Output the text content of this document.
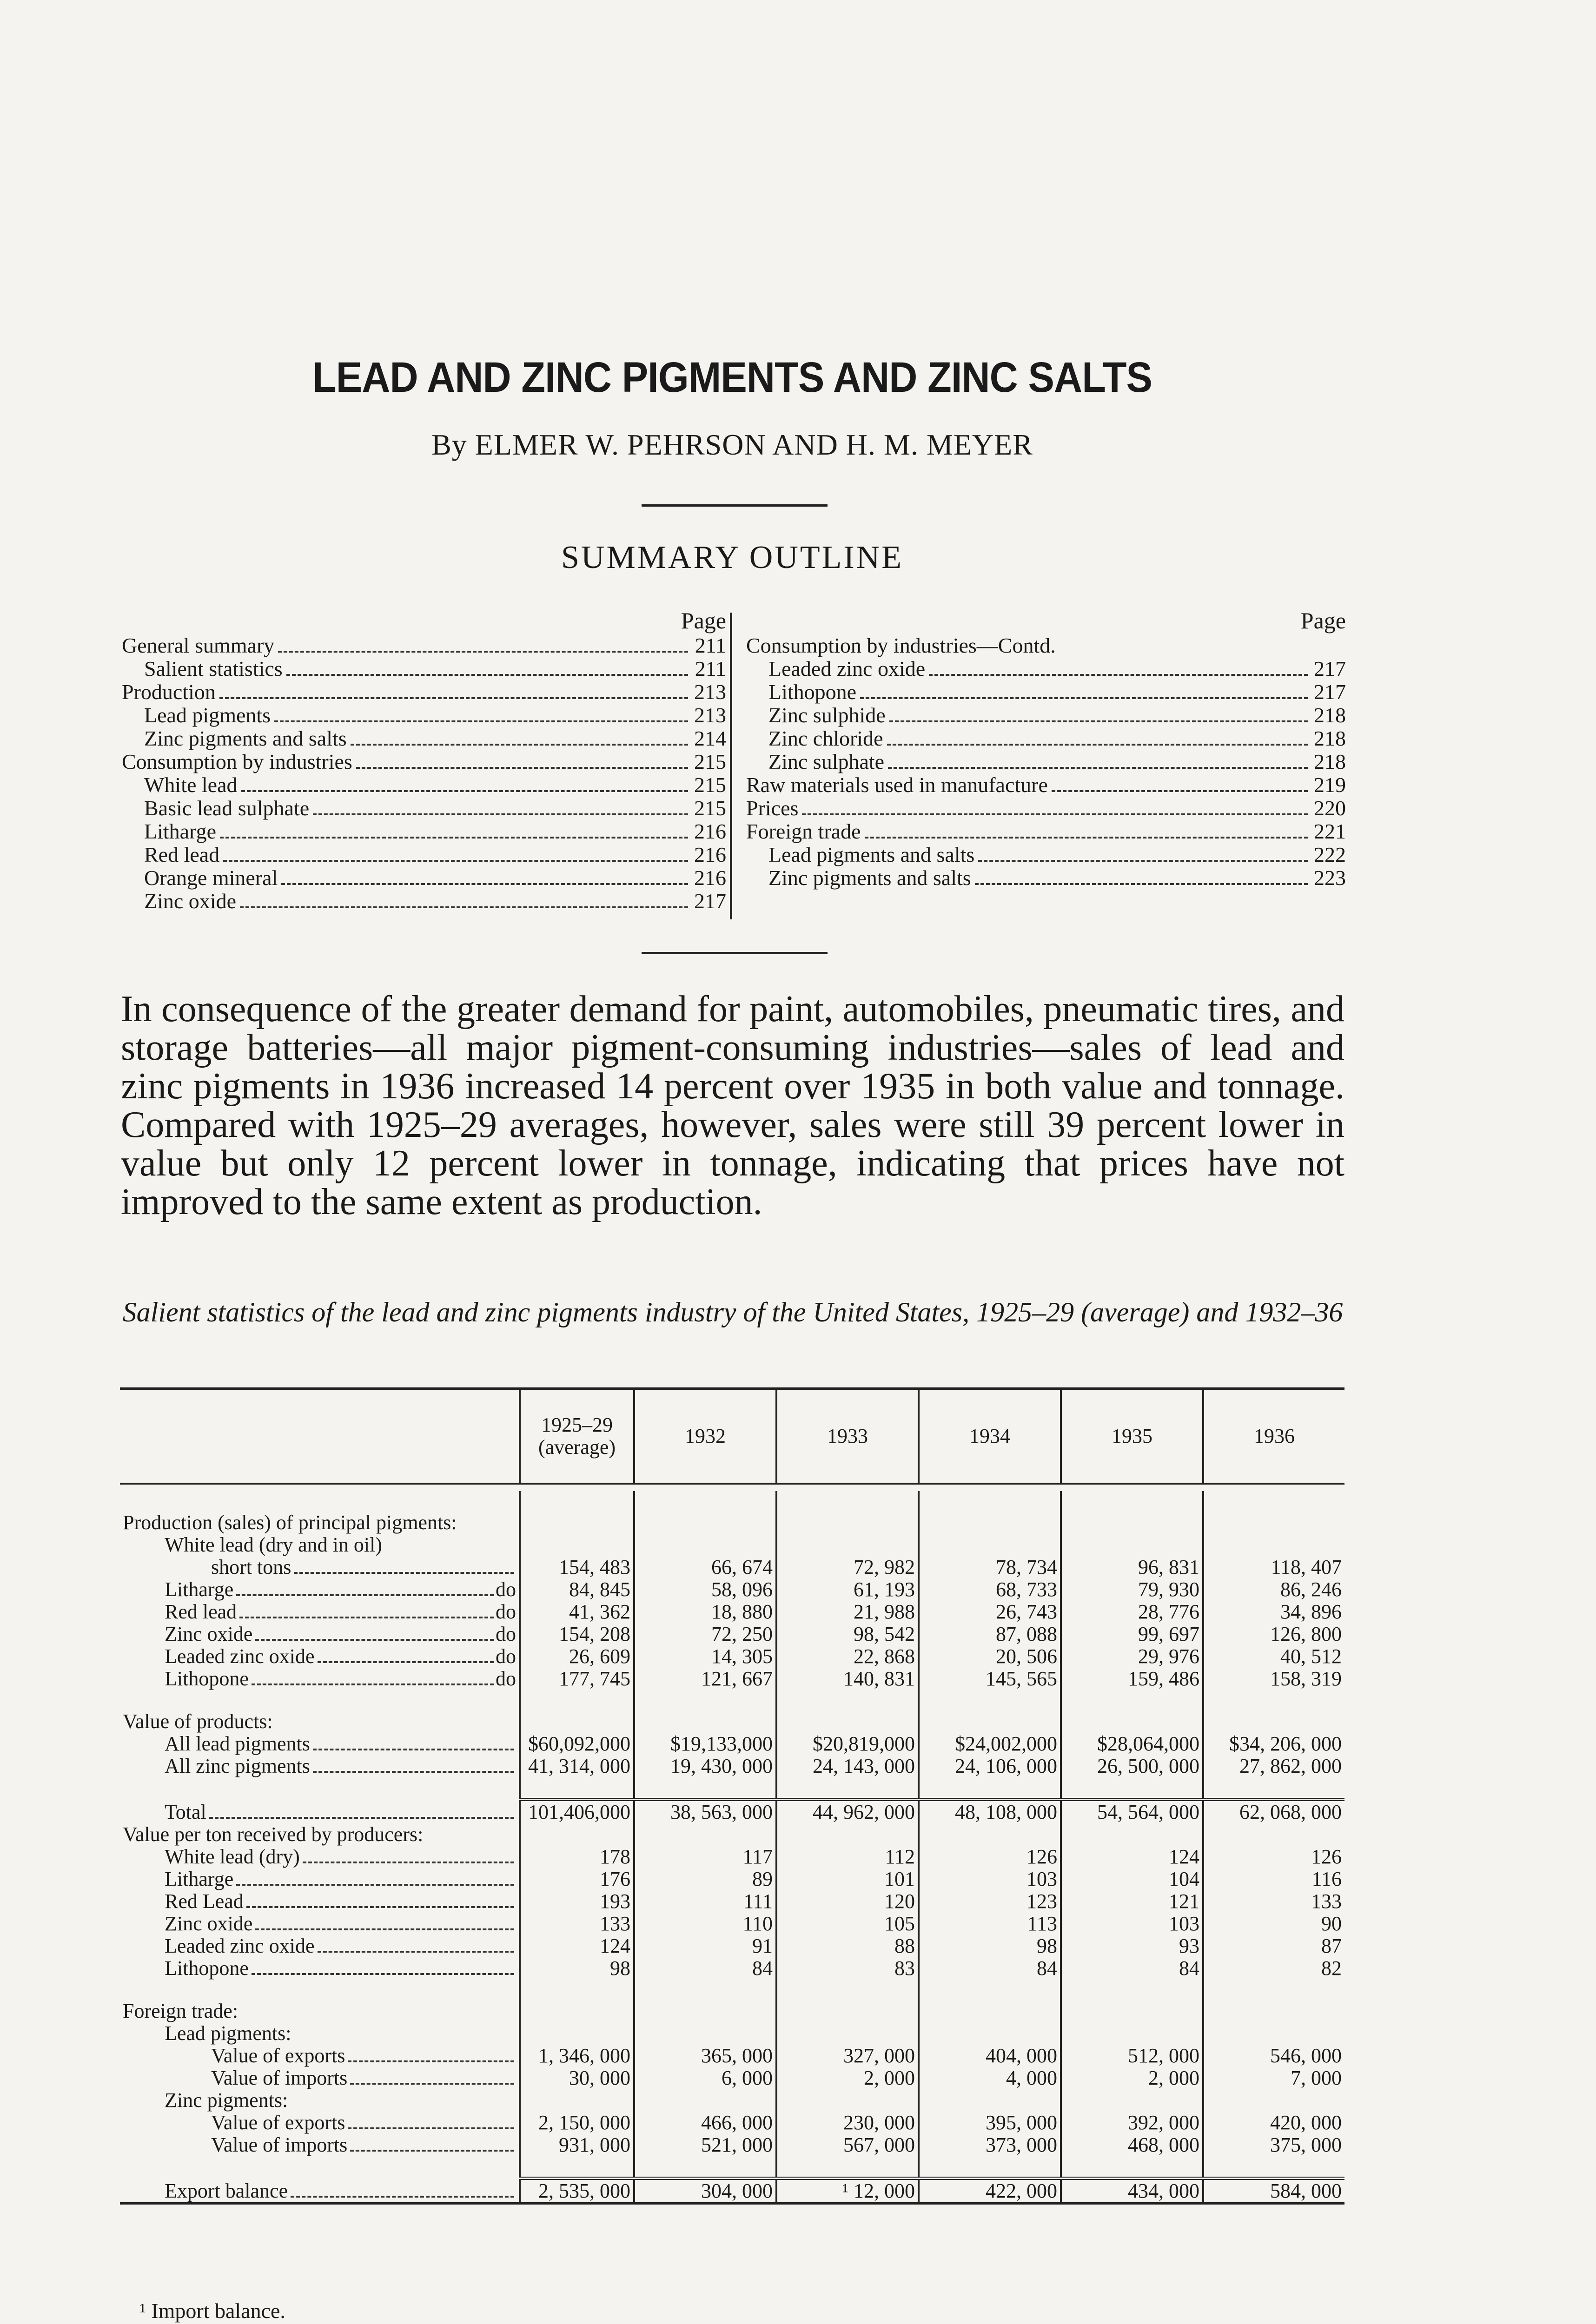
LEAD AND ZINC PIGMENTS AND ZINC SALTS
By ELMER W. PEHRSON AND H. M. MEYER
SUMMARY OUTLINE
Page
General summary	211
Salient statistics	211
Production	213
Lead pigments	213
Zinc pigments and salts	214
Consumption by industries	215
White lead	215
Basic lead sulphate	215
Litharge	216
Red lead	216
Orange mineral	216
Zinc oxide	217
Page
Consumption by industries—Contd.
Leaded zinc oxide	217
Lithopone	217
Zinc sulphide	218
Zinc chloride	218
Zinc sulphate	218
Raw materials used in manufacture	219
Prices	220
Foreign trade	221
Lead pigments and salts	222
Zinc pigments and salts	223
In consequence of the greater demand for paint, automobiles, pneumatic tires, and storage batteries—all major pigment-consuming industries—sales of lead and zinc pigments in 1936 increased 14 percent over 1935 in both value and tonnage. Compared with 1925–29 averages, however, sales were still 39 percent lower in value but only 12 percent lower in tonnage, indicating that prices have not improved to the same extent as production.
Salient statistics of the lead and zinc pigments industry of the United States, 1925–29 (average) and 1932–36
	1925–29 (average)	1932	1933	1934	1935	1936

Production (sales) of principal pigments:						
White lead (dry and in oil)						

short tons	154, 483	66, 674	72, 982	78, 734	96, 831	118, 407

Litharge do	84, 845	58, 096	61, 193	68, 733	79, 930	86, 246

Red lead do	41, 362	18, 880	21, 988	26, 743	28, 776	34, 896

Zinc oxide do	154, 208	72, 250	98, 542	87, 088	99, 697	126, 800

Leaded zinc oxide do	26, 609	14, 305	22, 868	20, 506	29, 976	40, 512

Lithopone do	177, 745	121, 667	140, 831	145, 565	159, 486	158, 319

Value of products:						

All lead pigments	$60,092,000	$19,133,000	$20,819,000	$24,002,000	$28,064,000	$34, 206, 000

All zinc pigments	41, 314, 000	19, 430, 000	24, 143, 000	24, 106, 000	26, 500, 000	27, 862, 000

Total	101,406,000	38, 563, 000	44, 962, 000	48, 108, 000	54, 564, 000	62, 068, 000
Value per ton received by producers:						

White lead (dry)	178	117	112	126	124	126

Litharge	176	89	101	103	104	116

Red Lead	193	111	120	123	121	133

Zinc oxide	133	110	105	113	103	90

Leaded zinc oxide	124	91	88	98	93	87

Lithopone	98	84	83	84	84	82

Foreign trade:						
Lead pigments:						

Value of exports	1, 346, 000	365, 000	327, 000	404, 000	512, 000	546, 000

Value of imports	30, 000	6, 000	2, 000	4, 000	2, 000	7, 000
Zinc pigments:						

Value of exports	2, 150, 000	466, 000	230, 000	395, 000	392, 000	420, 000

Value of imports	931, 000	521, 000	567, 000	373, 000	468, 000	375, 000

Export balance	2, 535, 000	304, 000	¹ 12, 000	422, 000	434, 000	584, 000
¹ Import balance.
